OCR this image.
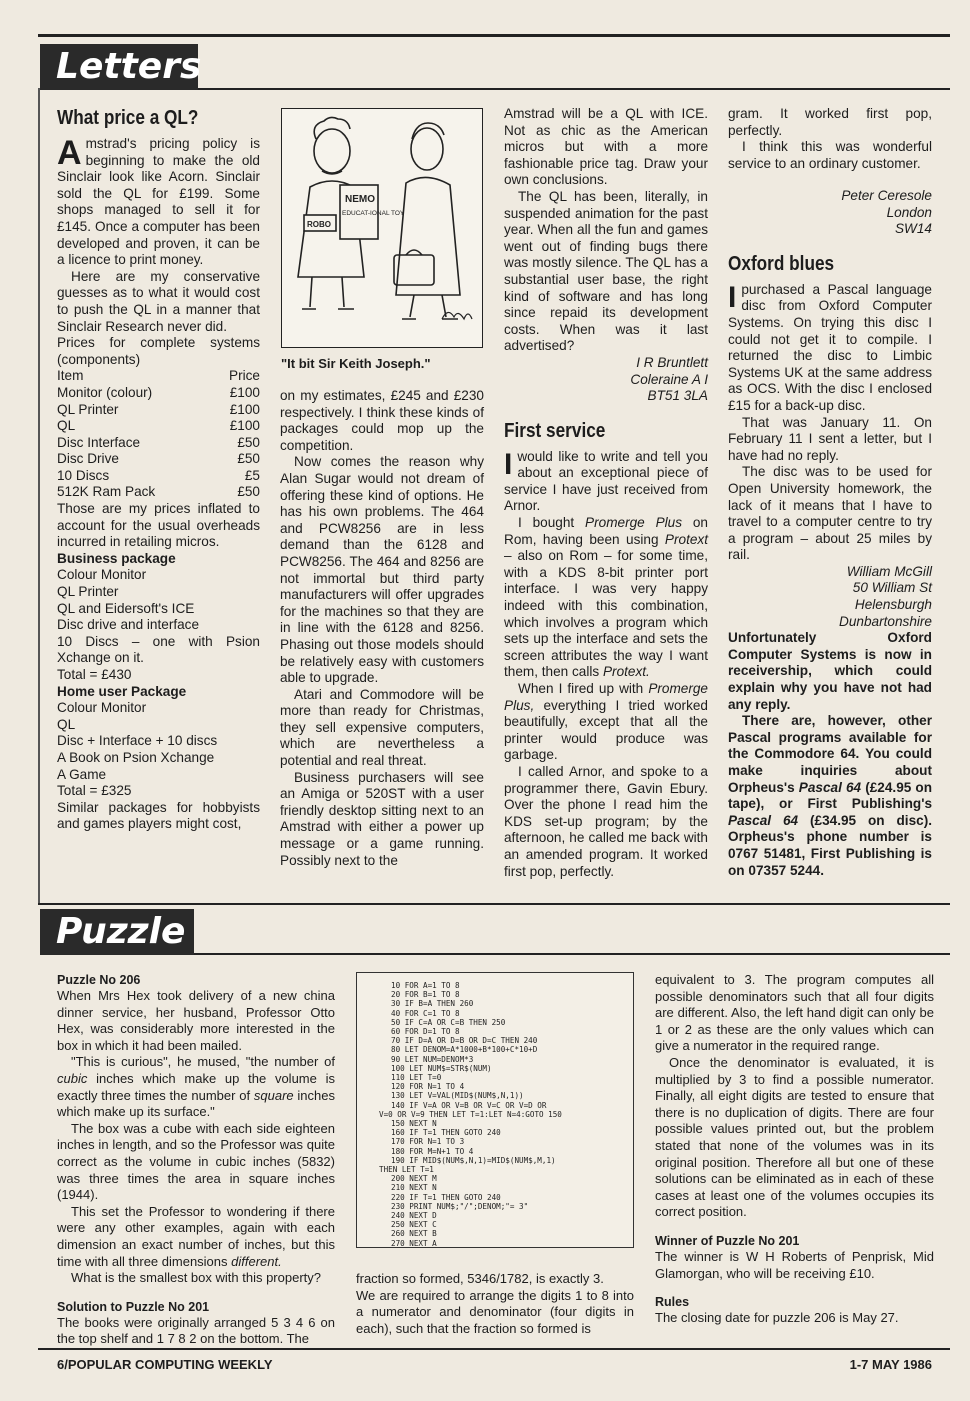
Letters
Puzzle
What price a QL?

Amstrad's pricing policy is beginning to make the old Sinclair look like Acorn. Sinclair sold the QL for £199. Some shops managed to sell it for £145. Once a computer has been developed and proven, it can be a licence to print money.

Here are my conservative guesses as to what it would cost to push the QL in a manner that Sinclair Research never did.

Prices for complete systems (components)

Item	Price
Monitor (colour)	£100
QL Printer	£100
QL	£100
Disc Interface	£50
Disc Drive	£50
10 Discs	£5
512K Ram Pack	£50

Those are my prices inflated to account for the usual overheads incurred in retailing micros.

Business package
Colour Monitor
QL Printer
QL and Eidersoft's ICE
Disc drive and interface
10 Discs – one with Psion Xchange on it.
Total = £430
Home user Package
Colour Monitor
QL
Disc + Interface + 10 discs
A Book on Psion Xchange
A Game
Total = £325

Similar packages for hobbyists and games players might cost,

NEMO
EDUCAT-IONAL TOY
ROBO
"It bit Sir Keith Joseph."

on my estimates, £245 and £230 respectively. I think these kinds of packages could mop up the competition.

Now comes the reason why Alan Sugar would not dream of offering these kind of options. He has his own problems. The 464 and PCW8256 are in less demand than the 6128 and PCW8256. The 464 and 8256 are not immortal but third party manufacturers will offer upgrades for the machines so that they are in line with the 6128 and 8256. Phasing out those models should be relatively easy with customers able to upgrade.

Atari and Commodore will be more than ready for Christmas, they sell expensive computers, which are nevertheless a potential and real threat.

Business purchasers will see an Amiga or 520ST with a user friendly desktop sitting next to an Amstrad with either a power up message or a game running. Possibly next to the

Amstrad will be a QL with ICE. Not as chic as the American micros but with a more fashionable price tag. Draw your own conclusions.

The QL has been, literally, in suspended animation for the past year. When all the fun and games went out of finding bugs there was mostly silence. The QL has a substantial user base, the right kind of software and has long since repaid its development costs. When was it last advertised?

I R Bruntlett
Coleraine A I
BT51 3LA
First service

Iwould like to write and tell you about an exceptional piece of service I have just received from Arnor.

I bought Promerge Plus on Rom, having been using Protext – also on Rom – for some time, with a KDS 8-bit printer port interface. I was very happy indeed with this combination, which involves a program which sets up the interface and sets the screen attributes the way I want them, then calls Protext.

When I fired up with Promerge Plus, everything I tried worked beautifully, except that all the printer would produce was garbage.

I called Arnor, and spoke to a programmer there, Gavin Ebury. Over the phone I read him the KDS set-up program; by the afternoon, he called me back with an amended program. It worked first pop, perfectly.

Peter Ceresole
London
SW14
Oxford blues

Ipurchased a Pascal language disc from Oxford Computer Systems. On trying this disc I could not get it to compile. I returned the disc to Limbic Systems UK at the same address as OCS. With the disc I enclosed £15 for a back-up disc.

That was January 11. On February 11 I sent a letter, but I have had no reply.

The disc was to be used for Open University homework, the lack of it means that I have to travel to a computer centre to try a program – about 25 miles by rail.

William McGill
50 William St
Helensburgh
Dunbartonshire

Unfortunately Oxford Computer Systems is now in receivership, which could explain why you have not had any reply.

There are, however, other Pascal programs available for the Commodore 64. You could make inquiries about Orpheus's Pascal 64 (£24.95 on tape), or First Publishing's Pascal 64 (£34.95 on disc). Orpheus's phone number is 0767 51481, First Publishing is on 07357 5244.

gram. It worked first pop, perfectly.

I think this was wonderful service to an ordinary customer.

Puzzle No 206

When Mrs Hex took delivery of a new china dinner service, her husband, Professor Otto Hex, was considerably more interested in the box in which it had been mailed.

"This is curious", he mused, "the number of cubic inches which make up the volume is exactly three times the number of square inches which make up its surface."

The box was a cube with each side eighteen inches in length, and so the Professor was quite correct as the volume in cubic inches (5832) was three times the area in square inches (1944).

This set the Professor to wondering if there were any other examples, again with each dimension an exact number of inches, but this time with all three dimensions different.

What is the smallest box with this property?

Solution to Puzzle No 201

The books were originally arranged 5 3 4 6 on the top shelf and 1 7 8 2 on the bottom. The

10 FOR A=1 TO 8
20 FOR B=1 TO 8
30 IF B=A THEN 260
40 FOR C=1 TO 8
50 IF C=A OR C=B THEN 250
60 FOR D=1 TO 8
70 IF D=A OR D=B OR D=C THEN 240
80 LET DENOM=A*1000+B*100+C*10+D
90 LET NUM=DENOM*3
100 LET NUM$=STR$(NUM)
110 LET T=0
120 FOR N=1 TO 4
130 LET V=VAL(MID$(NUM$,N,1))
140 IF V=A OR V=B OR V=C OR V=D OR
V=0 OR V=9 THEN LET T=1:LET N=4:GOTO 150
150 NEXT N
160 IF T=1 THEN GOTO 240
170 FOR N=1 TO 3
180 FOR M=N+1 TO 4
190 IF MID$(NUM$,N,1)=MID$(NUM$,M,1)
THEN LET T=1
200 NEXT M
210 NEXT N
220 IF T=1 THEN GOTO 240
230 PRINT NUM$;"/";DENOM;"= 3"
240 NEXT D
250 NEXT C
260 NEXT B
270 NEXT A

fraction so formed, 5346/1782, is exactly 3.

We are required to arrange the digits 1 to 8 into a numerator and denominator (four digits in each), such that the fraction so formed is

equivalent to 3. The program computes all possible denominators such that all four digits are different. Also, the left hand digit can only be 1 or 2 as these are the only values which can give a numerator in the required range.

Once the denominator is evaluated, it is multiplied by 3 to find a possible numerator. Finally, all eight digits are tested to ensure that there is no duplication of digits. There are four possible values printed out, but the problem stated that none of the volumes was in its original position. Therefore all but one of these solutions can be eliminated as in each of these cases at least one of the volumes occupies its correct position.

Winner of Puzzle No 201

The winner is W H Roberts of Penprisk, Mid Glamorgan, who will be receiving £10.

Rules

The closing date for puzzle 206 is May 27.

6/POPULAR COMPUTING WEEKLY	1-7 MAY 1986
